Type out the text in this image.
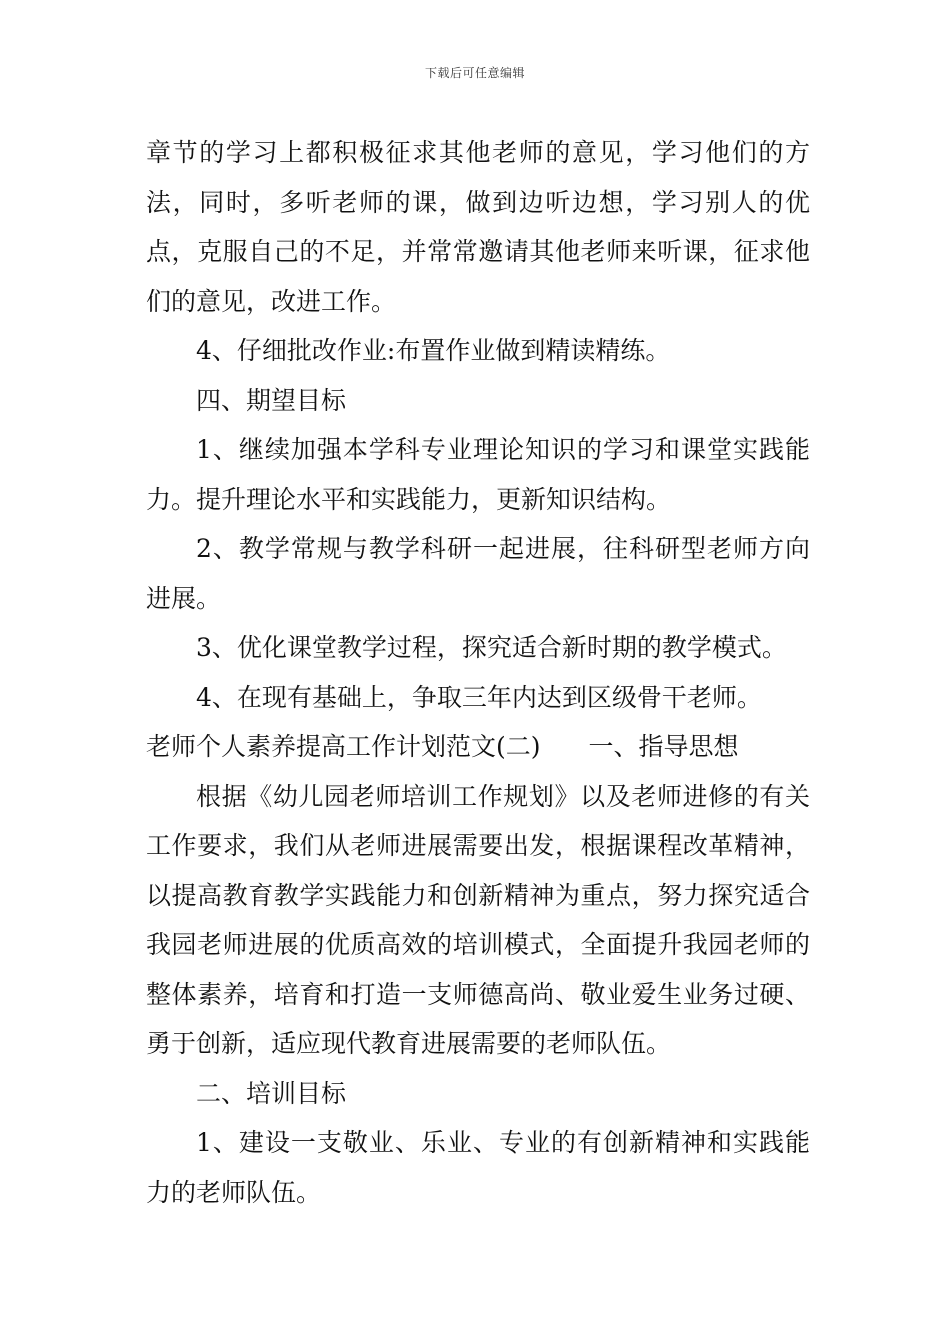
下载后可任意编辑

章节的学习上都积极征求其他老师的意见，学习他们的方法，同时，多听老师的课，做到边听边想，学习别人的优点，克服自己的不足，并常常邀请其他老师来听课，征求他们的意见，改进工作。

4、仔细批改作业:布置作业做到精读精练。

四、期望目标

1、继续加强本学科专业理论知识的学习和课堂实践能力。提升理论水平和实践能力，更新知识结构。

2、教学常规与教学科研一起进展，往科研型老师方向进展。

3、优化课堂教学过程，探究适合新时期的教学模式。

4、在现有基础上，争取三年内达到区级骨干老师。

老师个人素养提高工作计划范文(二) 一、指导思想

根据《幼儿园老师培训工作规划》以及老师进修的有关工作要求，我们从老师进展需要出发，根据课程改革精神，以提高教育教学实践能力和创新精神为重点，努力探究适合我园老师进展的优质高效的培训模式，全面提升我园老师的整体素养，培育和打造一支师德高尚、敬业爱生业务过硬、勇于创新，适应现代教育进展需要的老师队伍。

二、培训目标

1、建设一支敬业、乐业、专业的有创新精神和实践能力的老师队伍。
